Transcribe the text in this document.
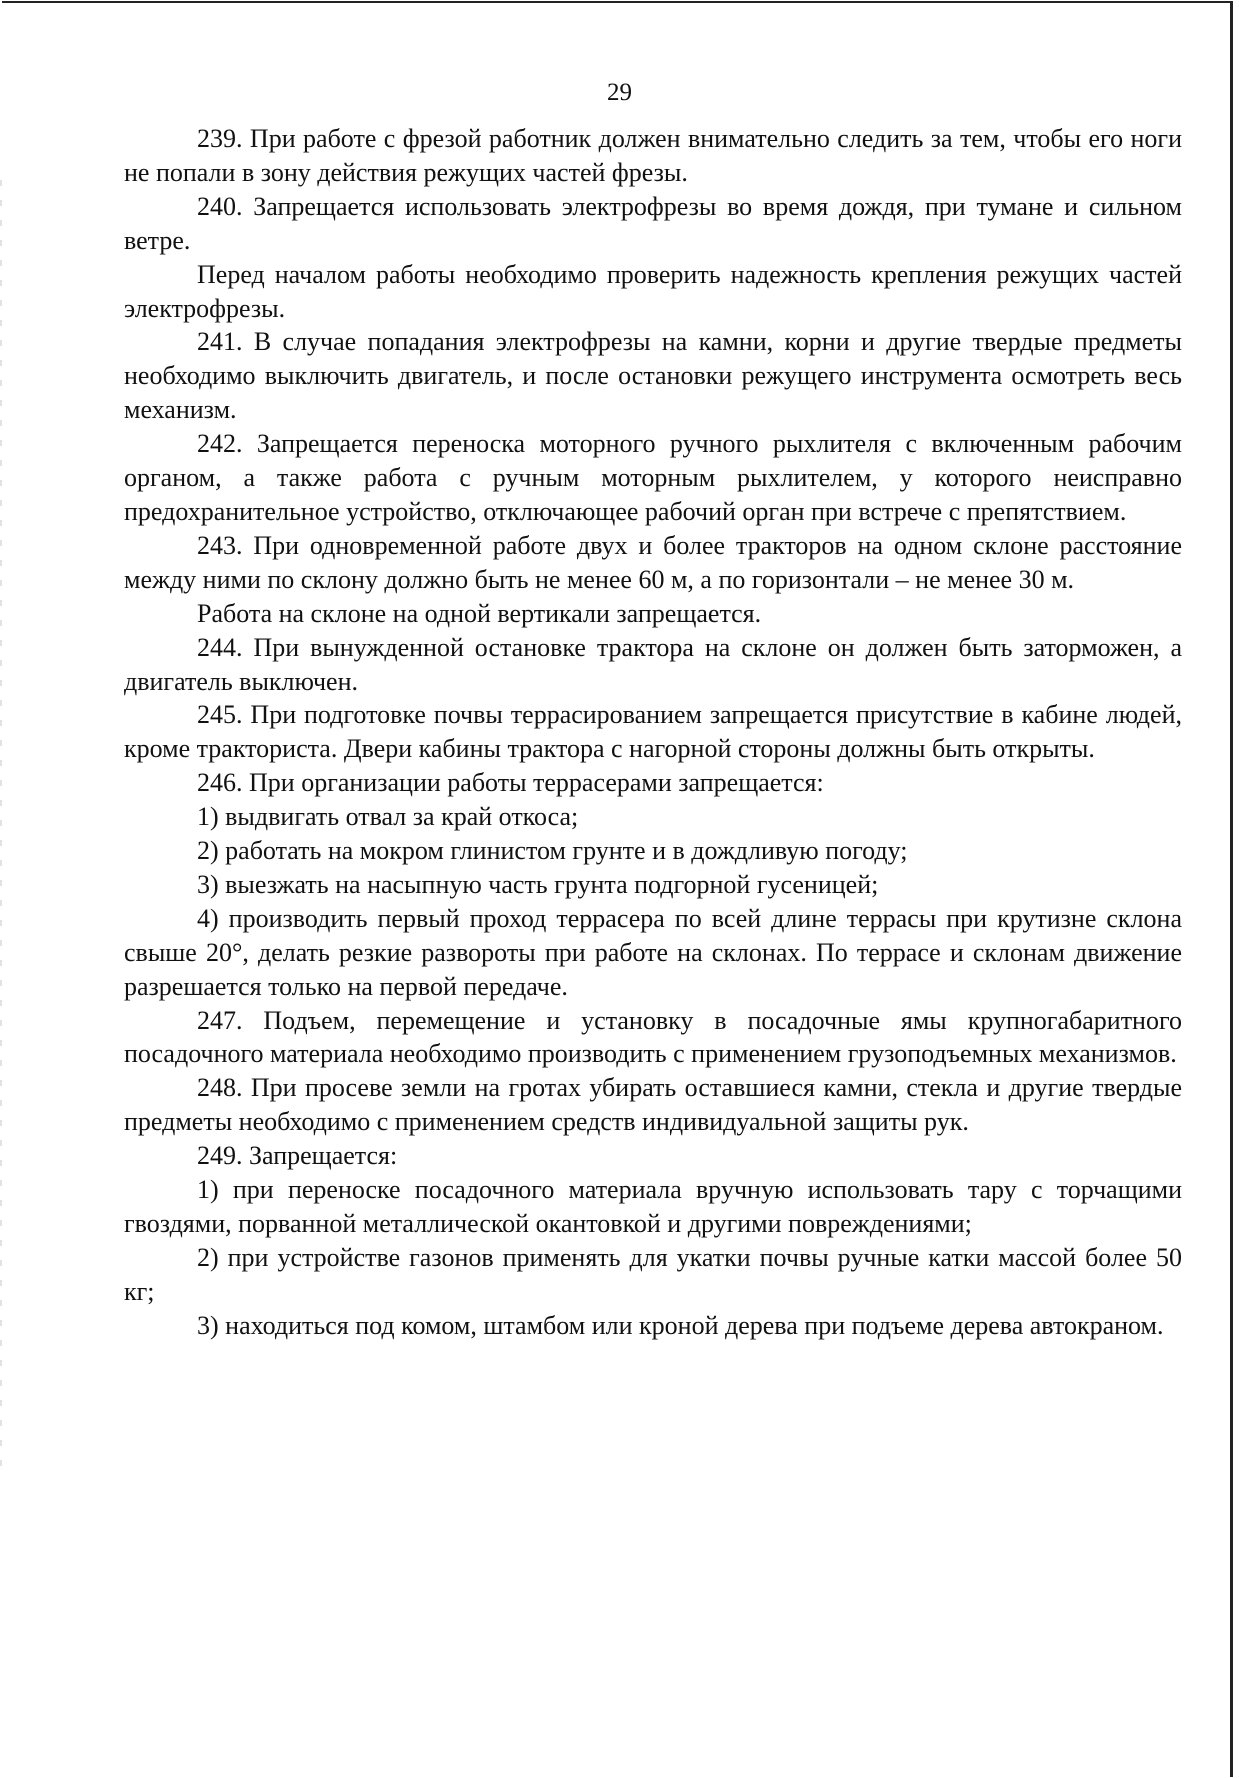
29

239. При работе с фрезой работник должен внимательно следить за тем, чтобы его ноги не попали в зону действия режущих частей фрезы.

240. Запрещается использовать электрофрезы во время дождя, при тумане и сильном ветре.

Перед началом работы необходимо проверить надежность крепления режущих частей электрофрезы.

241. В случае попадания электрофрезы на камни, корни и другие твердые предметы необходимо выключить двигатель, и после остановки режущего инструмента осмотреть весь механизм.

242. Запрещается переноска моторного ручного рыхлителя с включенным рабочим органом, а также работа с ручным моторным рыхлителем, у которого неисправно предохранительное устройство, отключающее рабочий орган при встрече с препятствием.

243. При одновременной работе двух и более тракторов на одном склоне расстояние между ними по склону должно быть не менее 60 м, а по горизонтали – не менее 30 м.

Работа на склоне на одной вертикали запрещается.

244. При вынужденной остановке трактора на склоне он должен быть заторможен, а двигатель выключен.

245. При подготовке почвы террасированием запрещается присутствие в кабине людей, кроме тракториста. Двери кабины трактора с нагорной стороны должны быть открыты.

246. При организации работы террасерами запрещается:

1) выдвигать отвал за край откоса;

2) работать на мокром глинистом грунте и в дождливую погоду;

3) выезжать на насыпную часть грунта подгорной гусеницей;

4) производить первый проход террасера по всей длине террасы при крутизне склона свыше 20°, делать резкие развороты при работе на склонах. По террасе и склонам движение разрешается только на первой передаче.

247. Подъем, перемещение и установку в посадочные ямы крупногабаритного посадочного материала необходимо производить с применением грузоподъемных механизмов.

248. При просеве земли на гротах убирать оставшиеся камни, стекла и другие твердые предметы необходимо с применением средств индивидуальной защиты рук.

249. Запрещается:

1) при переноске посадочного материала вручную использовать тару с торчащими гвоздями, порванной металлической окантовкой и другими повреждениями;

2) при устройстве газонов применять для укатки почвы ручные катки массой более 50 кг;

3) находиться под комом, штамбом или кроной дерева при подъеме дерева автокраном.
